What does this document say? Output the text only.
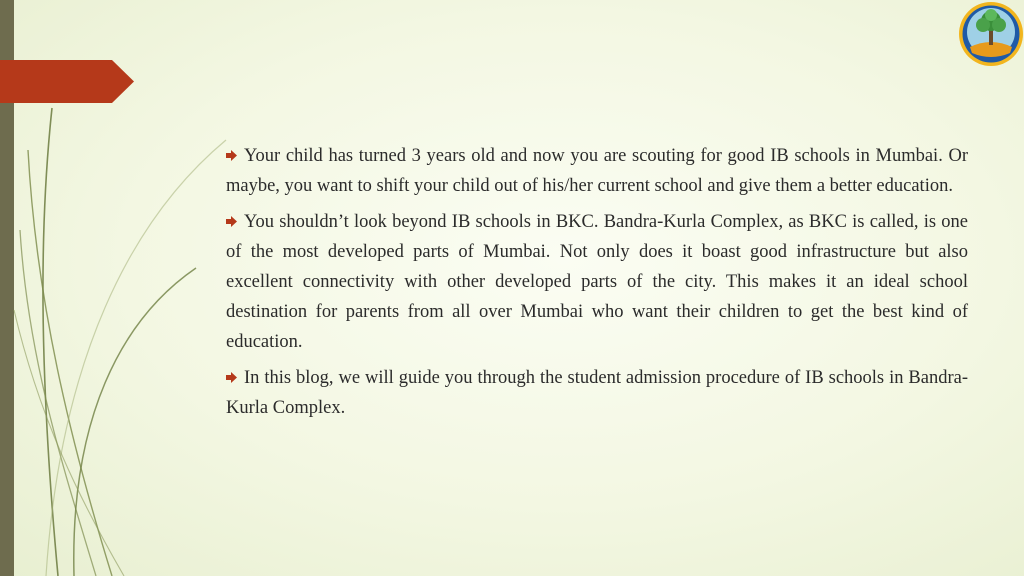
Your child has turned 3 years old and now you are scouting for good IB schools in Mumbai. Or maybe, you want to shift your child out of his/her current school and give them a better education.

You shouldn’t look beyond IB schools in BKC. Bandra-Kurla Complex, as BKC is called, is one of the most developed parts of Mumbai. Not only does it boast good infrastructure but also excellent connectivity with other developed parts of the city. This makes it an ideal school destination for parents from all over Mumbai who want their children to get the best kind of education.

In this blog, we will guide you through the student admission procedure of IB schools in Bandra-Kurla Complex.
